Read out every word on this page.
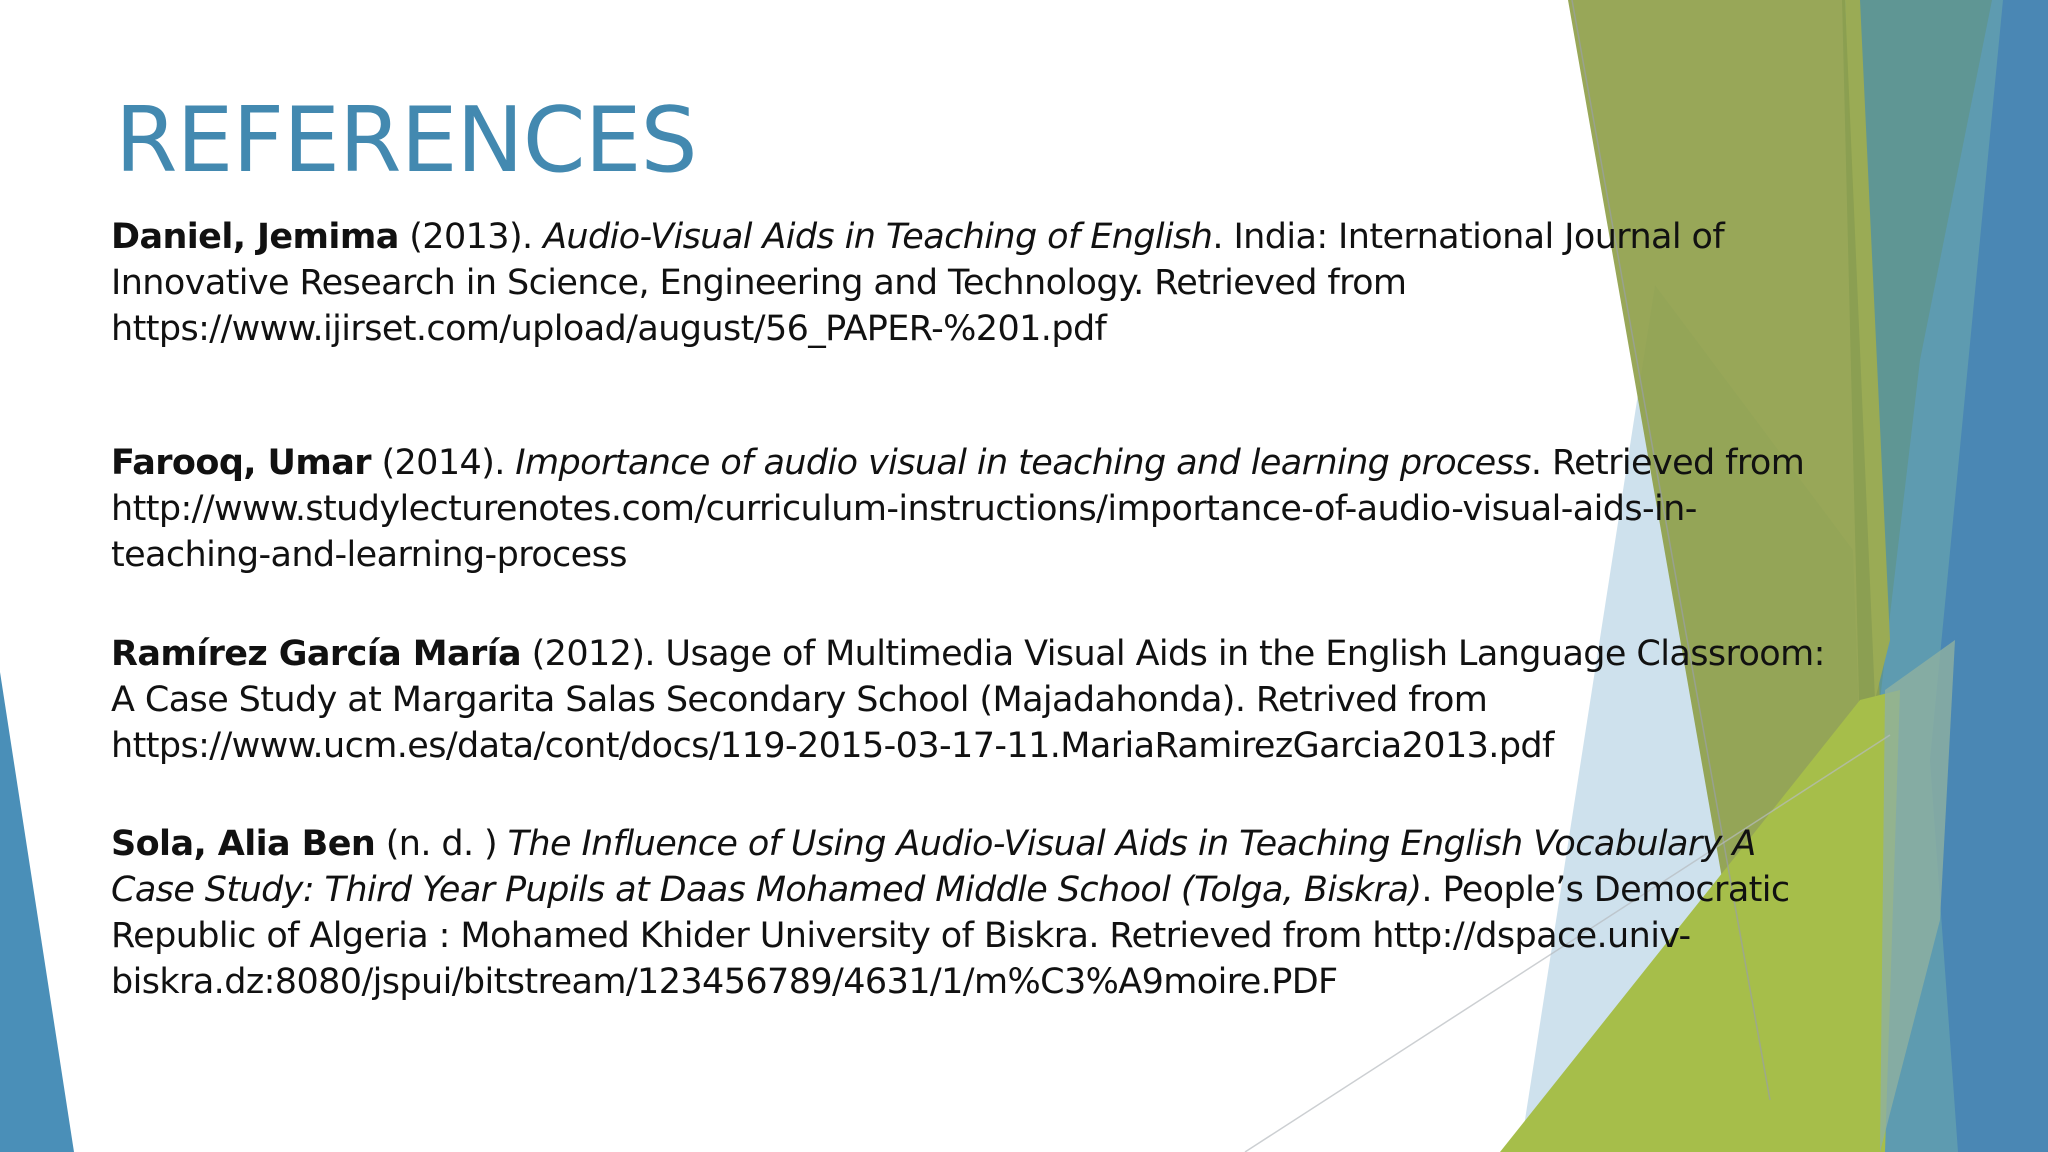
REFERENCES

Daniel, Jemima (2013). Audio-Visual Aids in Teaching of English. India: International Journal of
Innovative Research in Science, Engineering and Technology. Retrieved from
https://www.ijirset.com/upload/august/56_PAPER-%201.pdf

Farooq, Umar (2014). Importance of audio visual in teaching and learning process. Retrieved from
http://www.studylecturenotes.com/curriculum-instructions/importance-of-audio-visual-aids-in-
teaching-and-learning-process

Ramírez García María (2012). Usage of Multimedia Visual Aids in the English Language Classroom:
A Case Study at Margarita Salas Secondary School (Majadahonda). Retrived from
https://www.ucm.es/data/cont/docs/119-2015-03-17-11.MariaRamirezGarcia2013.pdf

Sola, Alia Ben (n. d. ) The Influence of Using Audio-Visual Aids in Teaching English Vocabulary A
Case Study: Third Year Pupils at Daas Mohamed Middle School (Tolga, Biskra). People’s Democratic
Republic of Algeria : Mohamed Khider University of Biskra. Retrieved from http://dspace.univ-
biskra.dz:8080/jspui/bitstream/123456789/4631/1/m%C3%A9moire.PDF
